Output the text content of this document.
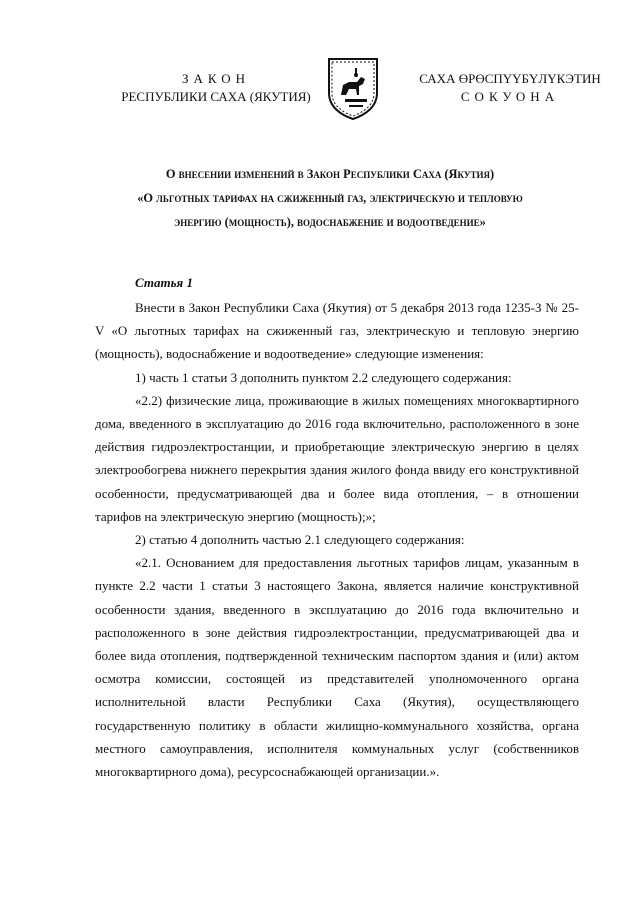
ЗАКОН
РЕСПУБЛИКИ САХА (ЯКУТИЯ)
САХА ӨРӨСПҮҮБҮЛҮКЭТИН
СОКУОНА
О внесении изменений в Закон Республики Саха (Якутия)
«О льготных тарифах на сжиженный газ, электрическую и тепловую
энергию (мощность), водоснабжение и водоотведение»
Статья 1

Внести в Закон Республики Саха (Якутия) от 5 декабря 2013 года 1235-З № 25-V «О льготных тарифах на сжиженный газ, электрическую и тепловую энергию (мощность), водоснабжение и водоотведение» следующие изменения:

1) часть 1 статьи 3 дополнить пунктом 2.2 следующего содержания:

«2.2) физические лица, проживающие в жилых помещениях многоквартирного дома, введенного в эксплуатацию до 2016 года включительно, расположенного в зоне действия гидроэлектростанции, и приобретающие электрическую энергию в целях электрообогрева нижнего перекрытия здания жилого фонда ввиду его конструктивной особенности, предусматривающей два и более вида отопления, – в отношении тарифов на электрическую энергию (мощность);»;

2) статью 4 дополнить частью 2.1 следующего содержания:

«2.1. Основанием для предоставления льготных тарифов лицам, указанным в пункте 2.2 части 1 статьи 3 настоящего Закона, является наличие конструктивной особенности здания, введенного в эксплуатацию до 2016 года включительно и расположенного в зоне действия гидроэлектростанции, предусматривающей два и более вида отопления, подтвержденной техническим паспортом здания и (или) актом осмотра комиссии, состоящей из представителей уполномоченного органа исполнительной власти Республики Саха (Якутия), осуществляющего государственную политику в области жилищно-коммунального хозяйства, органа местного самоуправления, исполнителя коммунальных услуг (собственников многоквартирного дома), ресурсоснабжающей организации.».
